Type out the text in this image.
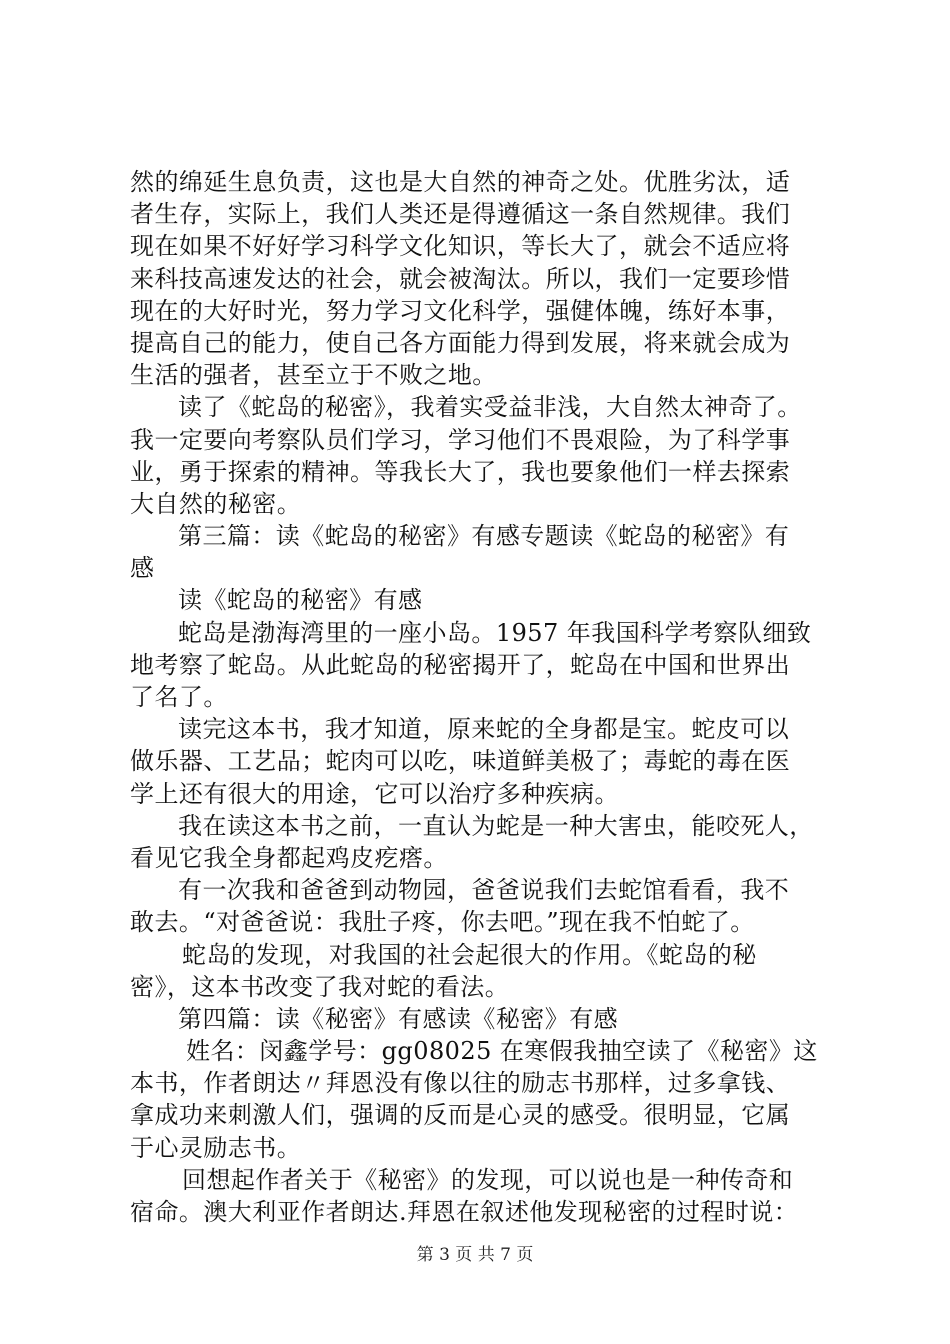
然的绵延生息负责，这也是大自然的神奇之处。优胜劣汰，适
者生存，实际上，我们人类还是得遵循这一条自然规律。我们
现在如果不好好学习科学文化知识，等长大了，就会不适应将
来科技高速发达的社会，就会被淘汰。所以，我们一定要珍惜
现在的大好时光，努力学习文化科学，强健体魄，练好本事，
提高自己的能力，使自己各方面能力得到发展，将来就会成为
生活的强者，甚至立于不败之地。
读了《蛇岛的秘密》，我着实受益非浅，大自然太神奇了。
我一定要向考察队员们学习，学习他们不畏艰险，为了科学事
业，勇于探索的精神。等我长大了，我也要象他们一样去探索
大自然的秘密。
第三篇：读《蛇岛的秘密》有感专题读《蛇岛的秘密》有
感
读《蛇岛的秘密》有感
蛇岛是渤海湾里的一座小岛。1957 年我国科学考察队细致
地考察了蛇岛。从此蛇岛的秘密揭开了，蛇岛在中国和世界出
了名了。
读完这本书，我才知道，原来蛇的全身都是宝。蛇皮可以
做乐器、工艺品；蛇肉可以吃，味道鲜美极了；毒蛇的毒在医
学上还有很大的用途，它可以治疗多种疾病。
我在读这本书之前，一直认为蛇是一种大害虫，能咬死人，
看见它我全身都起鸡皮疙瘩。
有一次我和爸爸到动物园，爸爸说我们去蛇馆看看，我不
敢去。“对爸爸说：我肚子疼，你去吧。”现在我不怕蛇了。
蛇岛的发现，对我国的社会起很大的作用。《蛇岛的秘
密》，这本书改变了我对蛇的看法。
第四篇：读《秘密》有感读《秘密》有感
姓名：闵鑫学号：gg08025 在寒假我抽空读了《秘密》这
本书，作者朗达〃拜恩没有像以往的励志书那样，过多拿钱、
拿成功来刺激人们，强调的反而是心灵的感受。很明显，它属
于心灵励志书。
回想起作者关于《秘密》的发现，可以说也是一种传奇和
宿命。澳大利亚作者朗达.拜恩在叙述他发现秘密的过程时说：
第 3 页 共 7 页
